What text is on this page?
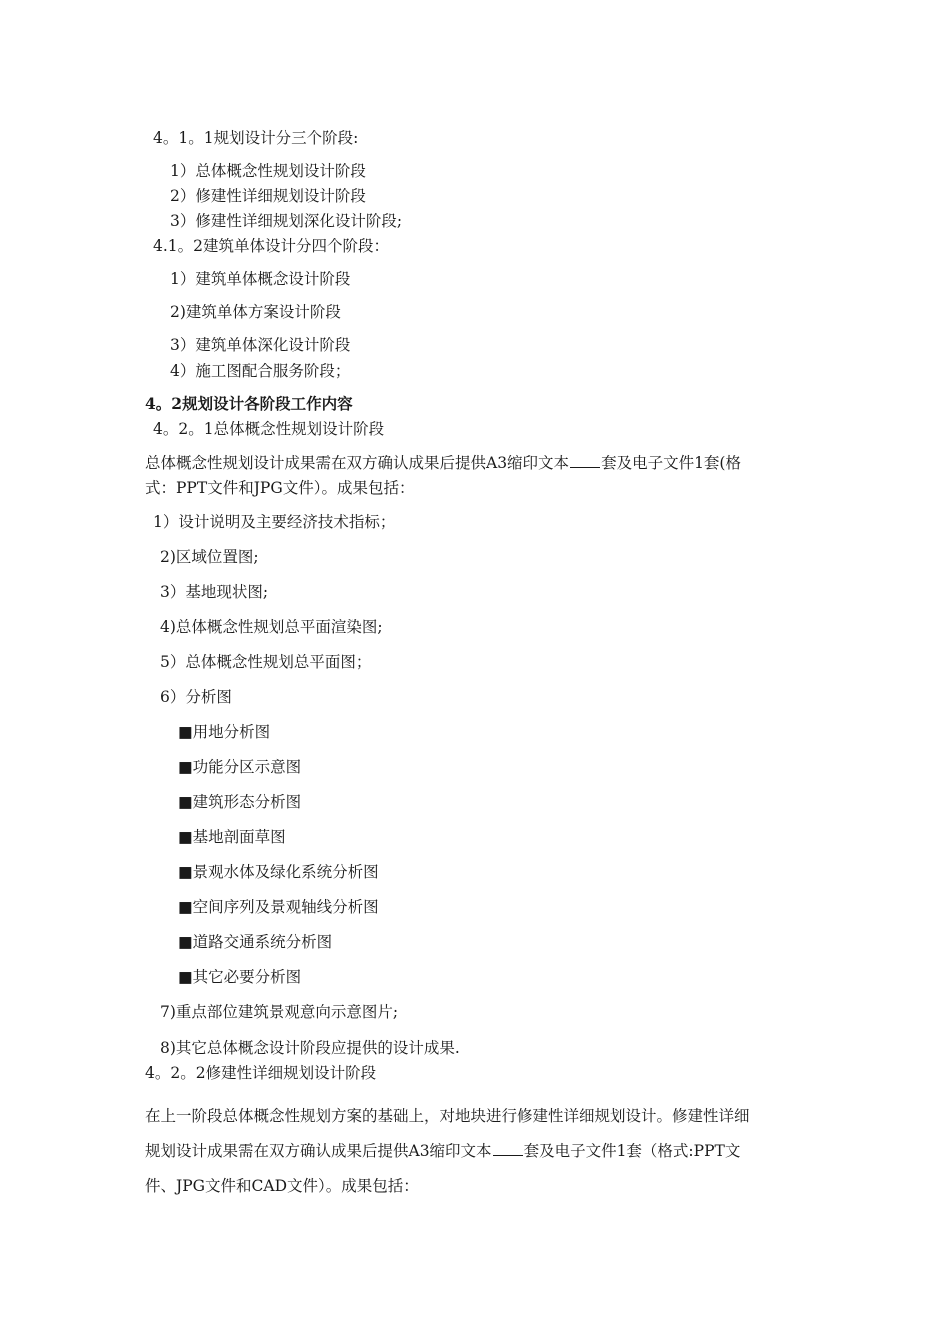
4。1。1规划设计分三个阶段:
1）总体概念性规划设计阶段
2）修建性详细规划设计阶段
3）修建性详细规划深化设计阶段;
4.1。2建筑单体设计分四个阶段：
1）建筑单体概念设计阶段
2)建筑单体方案设计阶段
3）建筑单体深化设计阶段
4）施工图配合服务阶段；
4。2规划设计各阶段工作内容
4。2。1总体概念性规划设计阶段
总体概念性规划设计成果需在双方确认成果后提供A3缩印文本 套及电子文件1套(格
式：PPT文件和JPG文件）。成果包括：
1）设计说明及主要经济技术指标；
2)区域位置图;
3）基地现状图;
4)总体概念性规划总平面渲染图;
5）总体概念性规划总平面图；
6）分析图
■用地分析图
■功能分区示意图
■建筑形态分析图
■基地剖面草图
■景观水体及绿化系统分析图
■空间序列及景观轴线分析图
■道路交通系统分析图
■其它必要分析图
7)重点部位建筑景观意向示意图片;
8)其它总体概念设计阶段应提供的设计成果.
4。2。2修建性详细规划设计阶段
在上一阶段总体概念性规划方案的基础上，对地块进行修建性详细规划设计。修建性详细
规划设计成果需在双方确认成果后提供A3缩印文本 套及电子文件1套（格式:PPT文
件、JPG文件和CAD文件）。成果包括：
